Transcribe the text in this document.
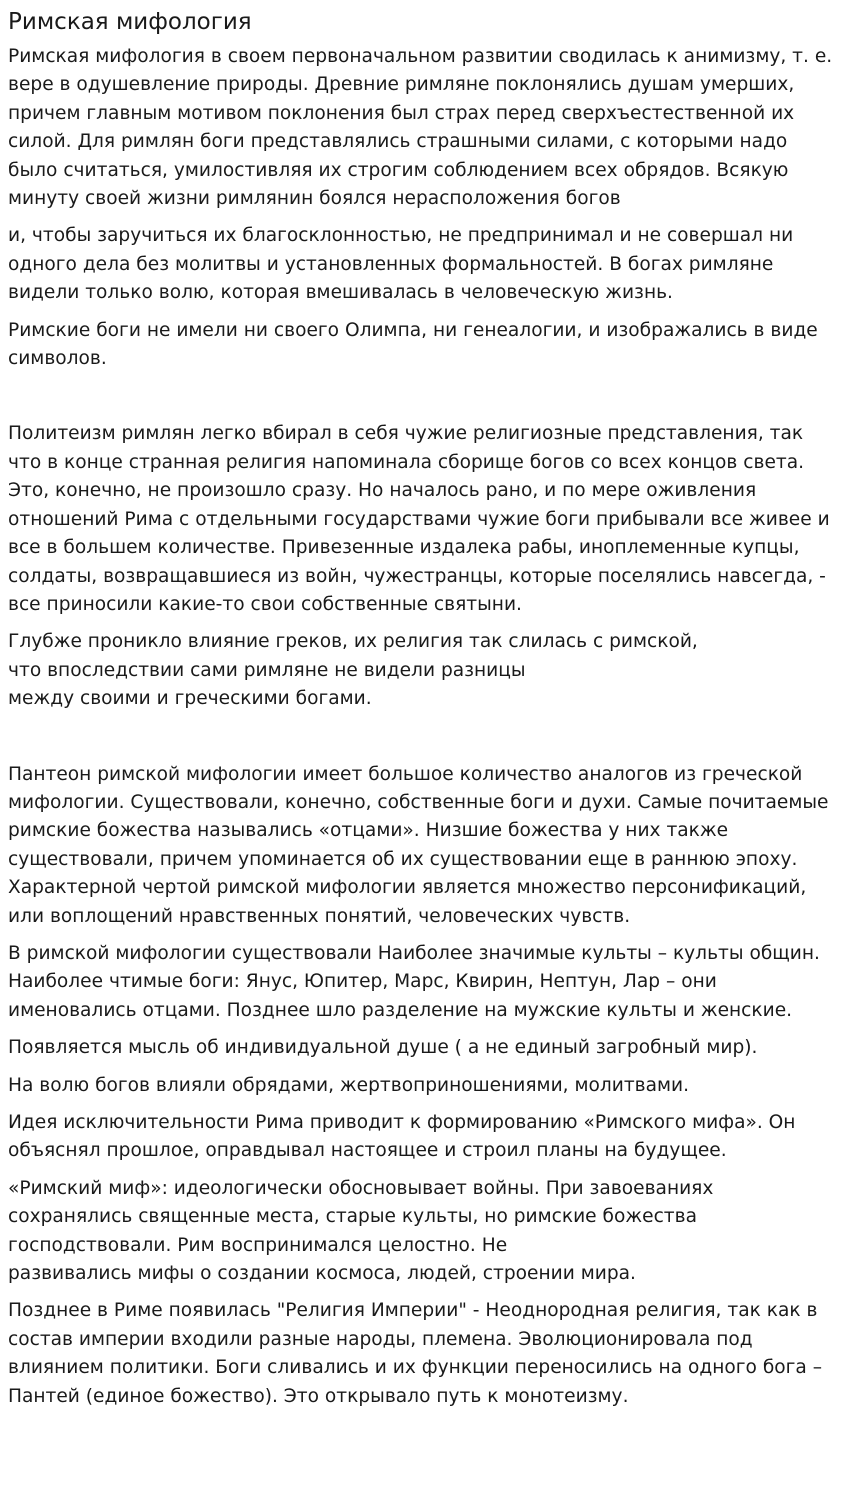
Римская мифология

Римская мифология в своем первоначальном развитии сводилась к анимизму, т. е. вере в одушевление природы. Древние римляне поклонялись душам умерших, причем главным мотивом поклонения был страх перед сверхъестественной их силой. Для римлян боги представлялись страшными силами, с которыми надо было считаться, умилостивляя их строгим соблюдением всех обрядов. Всякую минуту своей жизни римлянин боялся нерасположения богов

и, чтобы заручиться их благосклонностью, не предпринимал и не совершал ни одного дела без молитвы и установленных формальностей. В богах римляне видели только волю, которая вмешивалась в человеческую жизнь.

Римские боги не имели ни своего Олимпа, ни генеалогии, и изображались в виде символов.

Политеизм римлян легко вбирал в себя чужие религиозные представления, так что в конце странная религия напоминала сборище богов со всех концов света. Это, конечно, не произошло сразу. Но началось рано, и по мере оживления отношений Рима с отдельными государствами чужие боги прибывали все живее и все в большем количестве. Привезенные издалека рабы, иноплеменные купцы, солдаты, возвращавшиеся из войн, чужестранцы, которые поселялись навсегда, - все приносили какие-то свои собственные святыни.

Глубже проникло влияние греков, их религия так слилась с римской,
что впоследствии сами римляне не видели разницы
между своими и греческими богами.

Пантеон римской мифологии имеет большое количество аналогов из греческой мифологии. Существовали, конечно, собственные боги и духи. Самые почитаемые римские божества назывались «отцами». Низшие божества у них также существовали, причем упоминается об их существовании еще в раннюю эпоху. Характерной чертой римской мифологии является множество персонификаций, или воплощений нравственных понятий, человеческих чувств.

В римской мифологии существовали Наиболее значимые культы – культы общин. Наиболее чтимые боги: Янус, Юпитер, Марс, Квирин, Нептун, Лар – они именовались отцами. Позднее шло разделение на мужские культы и женские.

Появляется мысль об индивидуальной душе ( а не единый загробный мир).

На волю богов влияли обрядами, жертвоприношениями, молитвами.

Идея исключительности Рима приводит к формированию «Римского мифа». Он объяснял прошлое, оправдывал настоящее и строил планы на будущее.

«Римский миф»: идеологически обосновывает войны. При завоеваниях сохранялись священные места, старые культы, но римские божества господствовали. Рим воспринимался целостно. Не
развивались мифы о создании космоса, людей, строении мира.

Позднее в Риме появилась "Религия Империи" - Неоднородная религия, так как в состав империи входили разные народы, племена. Эволюционировала под влиянием политики. Боги сливались и их функции переносились на одного бога – Пантей (единое божество). Это открывало путь к монотеизму.
